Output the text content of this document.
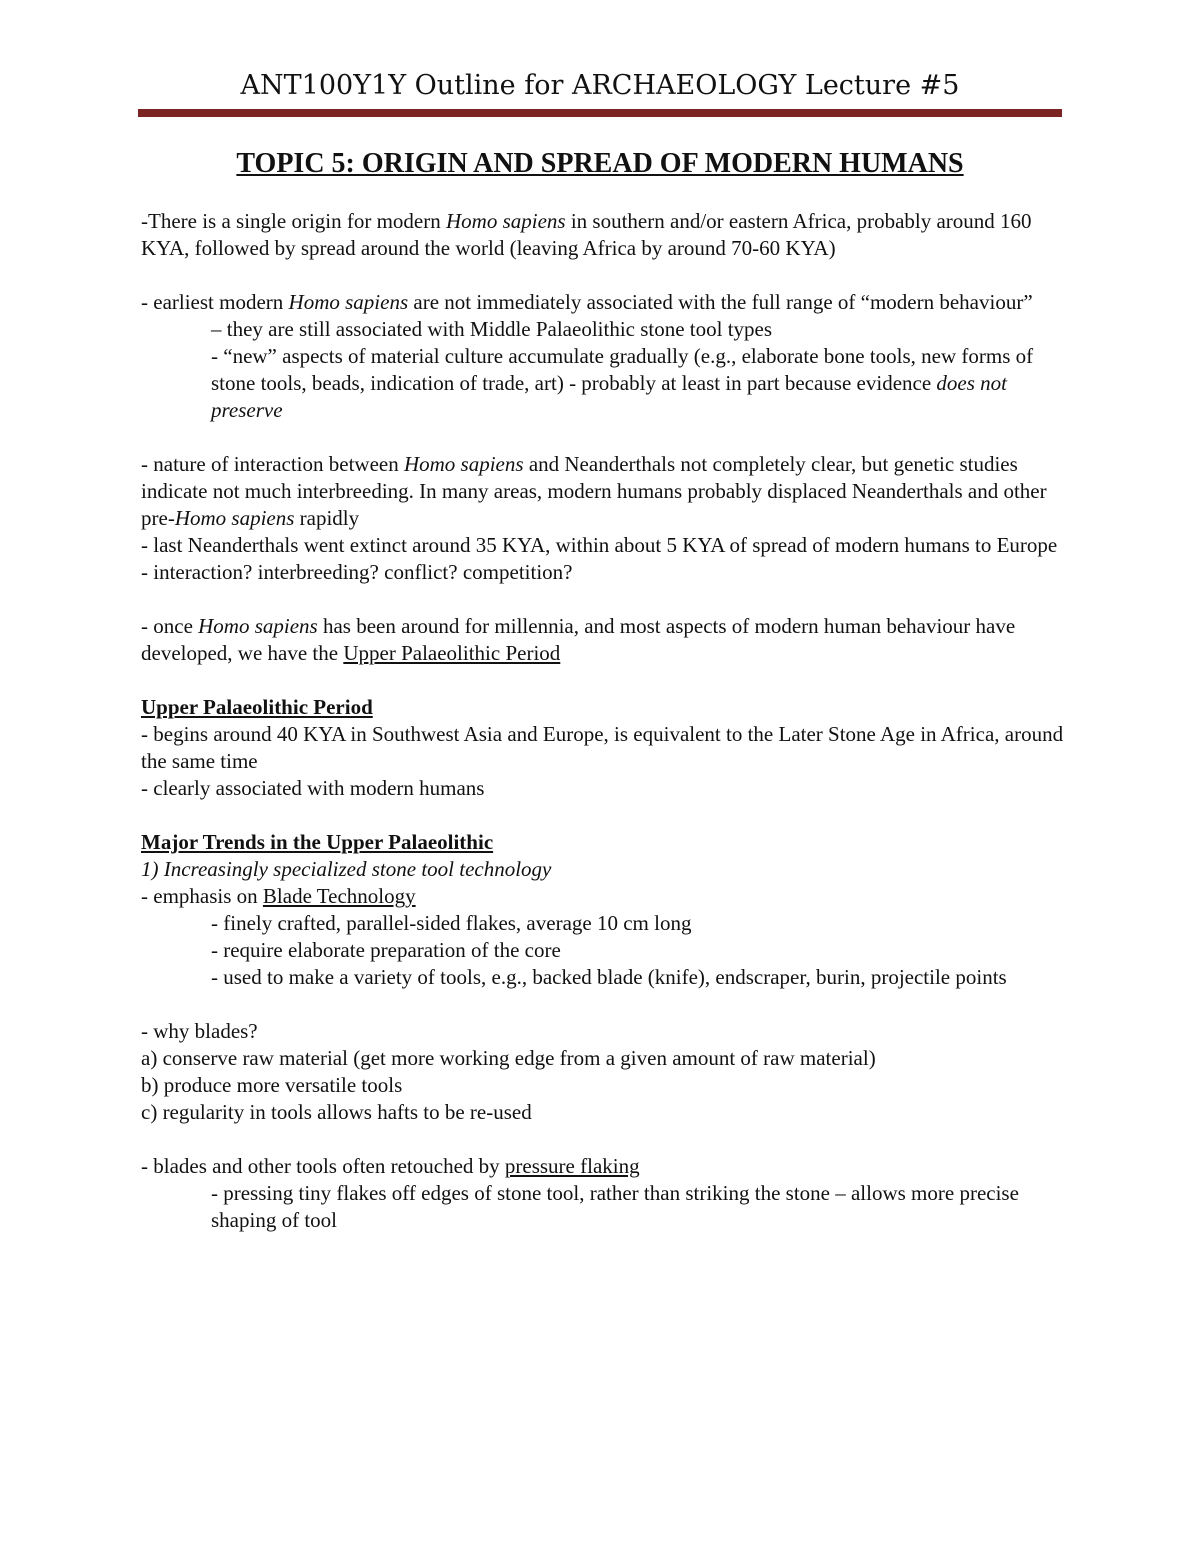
ANT100Y1Y Outline for ARCHAEOLOGY Lecture #5
TOPIC 5: ORIGIN AND SPREAD OF MODERN HUMANS

-There is a single origin for modern Homo sapiens in southern and/or eastern Africa, probably around 160 KYA, followed by spread around the world (leaving Africa by around 70-60 KYA)

- earliest modern Homo sapiens are not immediately associated with the full range of “modern behaviour”

– they are still associated with Middle Palaeolithic stone tool types

- “new” aspects of material culture accumulate gradually (e.g., elaborate bone tools, new forms of stone tools, beads, indication of trade, art) - probably at least in part because evidence does not preserve

- nature of interaction between Homo sapiens and Neanderthals not completely clear, but genetic studies indicate not much interbreeding. In many areas, modern humans probably displaced Neanderthals and other pre-Homo sapiens rapidly

- last Neanderthals went extinct around 35 KYA, within about 5 KYA of spread of modern humans to Europe

- interaction? interbreeding? conflict? competition?

- once Homo sapiens has been around for millennia, and most aspects of modern human behaviour have developed, we have the Upper Palaeolithic Period

Upper Palaeolithic Period

- begins around 40 KYA in Southwest Asia and Europe, is equivalent to the Later Stone Age in Africa, around the same time

- clearly associated with modern humans

Major Trends in the Upper Palaeolithic

1) Increasingly specialized stone tool technology

- emphasis on Blade Technology

- finely crafted, parallel-sided flakes, average 10 cm long

- require elaborate preparation of the core

- used to make a variety of tools, e.g., backed blade (knife), endscraper, burin, projectile points

- why blades?

a) conserve raw material (get more working edge from a given amount of raw material)

b) produce more versatile tools

c) regularity in tools allows hafts to be re-used

- blades and other tools often retouched by pressure flaking

- pressing tiny flakes off edges of stone tool, rather than striking the stone – allows more precise shaping of tool
